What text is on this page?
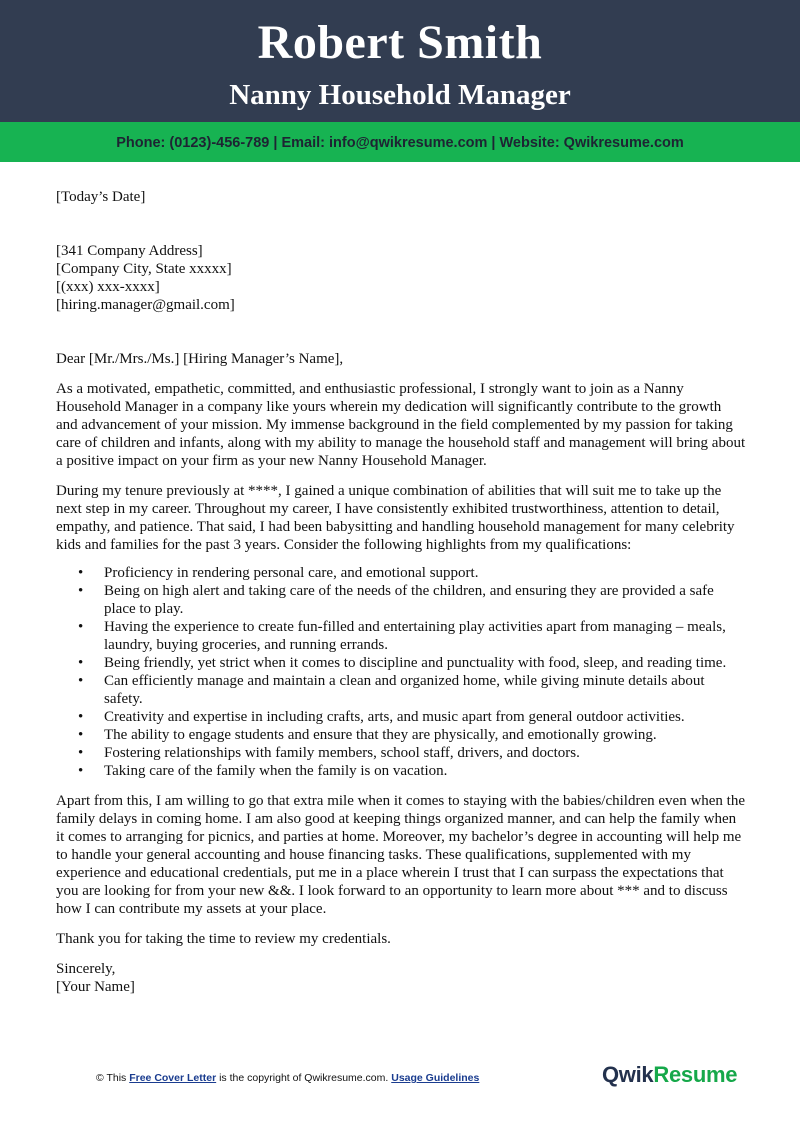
Robert Smith
Nanny Household Manager
Phone: (0123)-456-789 | Email: info@qwikresume.com | Website: Qwikresume.com

[Today’s Date]

[341 Company Address]

[Company City, State xxxxx]

[(xxx) xxx-xxxx]

[hiring.manager@gmail.com]

Dear [Mr./Mrs./Ms.] [Hiring Manager’s Name],

As a motivated, empathetic, committed, and enthusiastic professional, I strongly want to join as a Nanny Household Manager in a company like yours wherein my dedication will significantly contribute to the growth and advancement of your mission. My immense background in the field complemented by my passion for taking care of children and infants, along with my ability to manage the household staff and management will bring about a positive impact on your firm as your new Nanny Household Manager.

During my tenure previously at ****, I gained a unique combination of abilities that will suit me to take up the next step in my career. Throughout my career, I have consistently exhibited trustworthiness, attention to detail, empathy, and patience. That said, I had been babysitting and handling household management for many celebrity kids and families for the past 3 years. Consider the following highlights from my qualifications:

• Proficiency in rendering personal care, and emotional support.
• Being on high alert and taking care of the needs of the children, and ensuring they are provided a safe place to play.
• Having the experience to create fun-filled and entertaining play activities apart from managing – meals, laundry, buying groceries, and running errands.
• Being friendly, yet strict when it comes to discipline and punctuality with food, sleep, and reading time.
• Can efficiently manage and maintain a clean and organized home, while giving minute details about safety.
• Creativity and expertise in including crafts, arts, and music apart from general outdoor activities.
• The ability to engage students and ensure that they are physically, and emotionally growing.
• Fostering relationships with family members, school staff, drivers, and doctors.
• Taking care of the family when the family is on vacation.

Apart from this, I am willing to go that extra mile when it comes to staying with the babies/children even when the family delays in coming home. I am also good at keeping things organized manner, and can help the family when it comes to arranging for picnics, and parties at home. Moreover, my bachelor’s degree in accounting will help me to handle your general accounting and house financing tasks. These qualifications, supplemented with my experience and educational credentials, put me in a place wherein I trust that I can surpass the expectations that you are looking for from your new &&. I look forward to an opportunity to learn more about *** and to discuss how I can contribute my assets at your place.

Thank you for taking the time to review my credentials.

Sincerely,

[Your Name]

© This Free Cover Letter is the copyright of Qwikresume.com. Usage Guidelines	QwikResume
